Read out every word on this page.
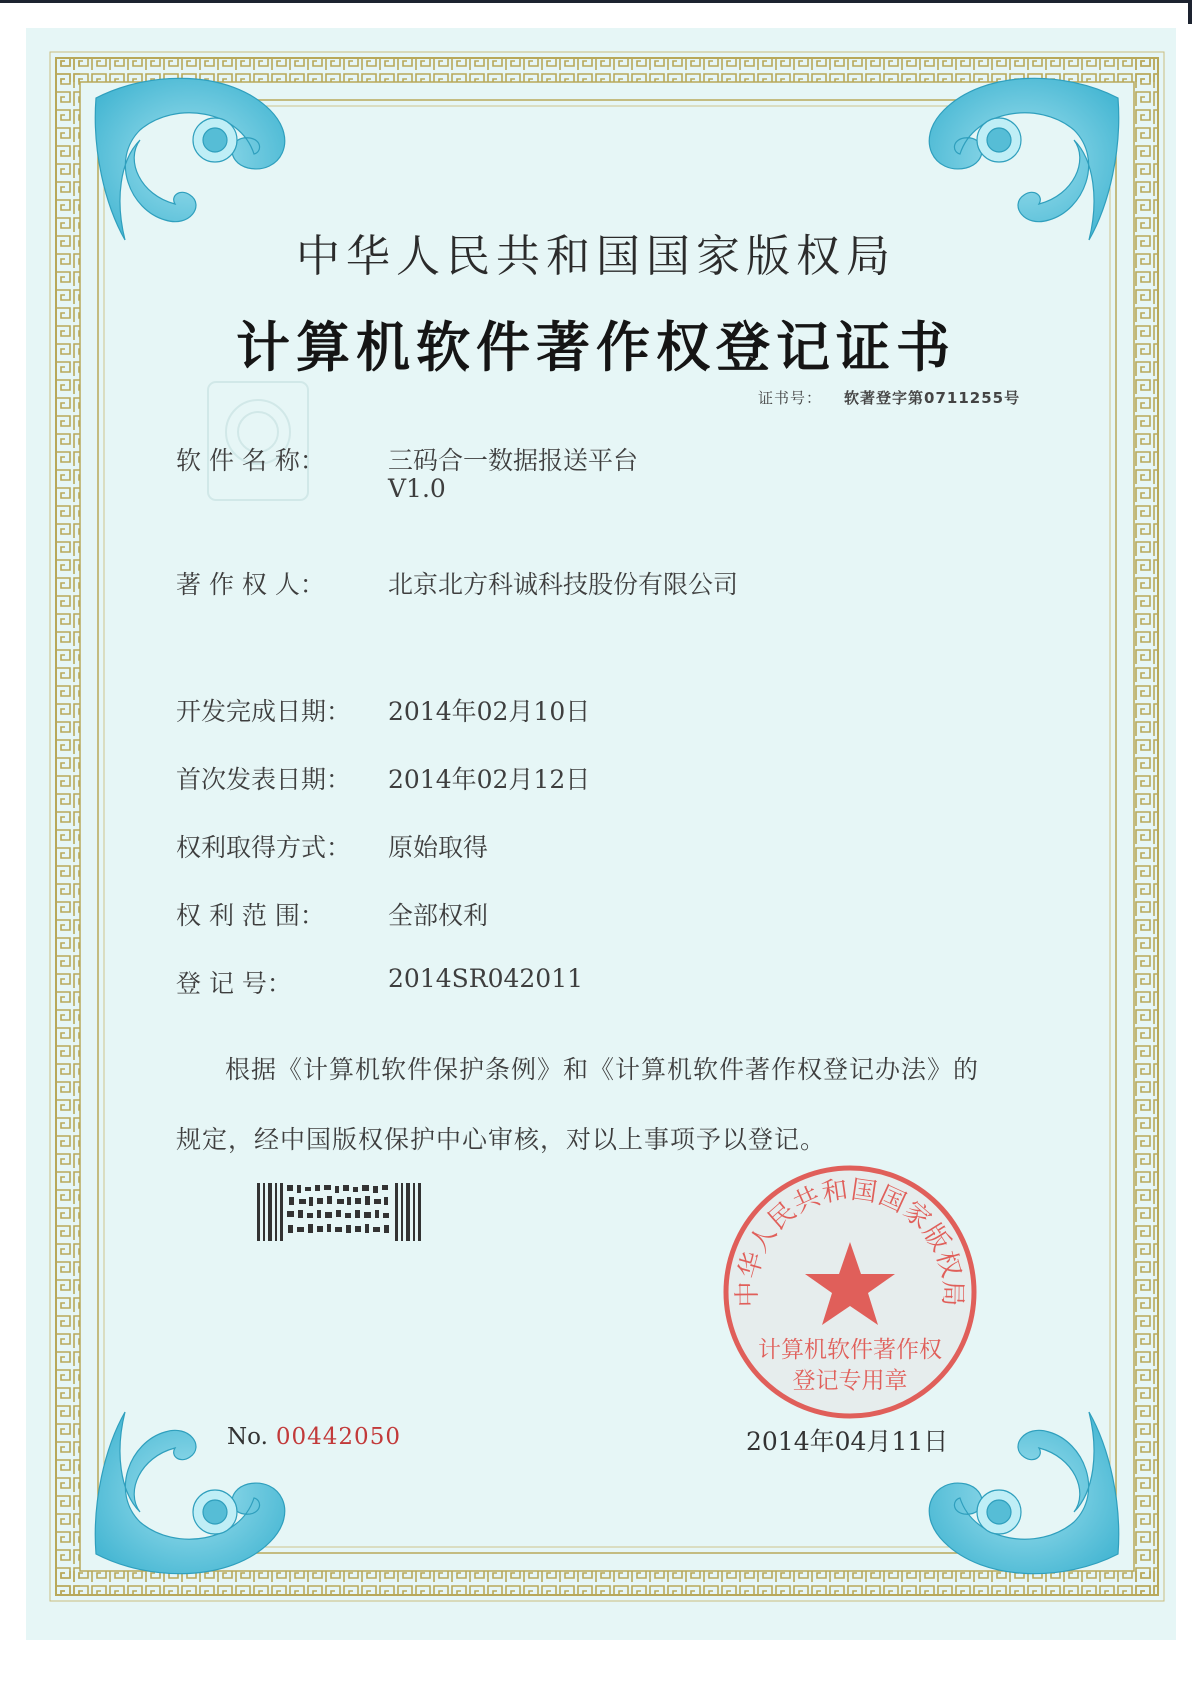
中华人民共和国国家版权局
计算机软件著作权登记证书
证书号： 软著登字第0711255号
软 件 名 称：	三码合一数据报送平台
V1.0
著 作 权 人：	北京北方科诚科技股份有限公司
开发完成日期： 2014年02月10日
首次发表日期： 2014年02月12日
权利取得方式： 原始取得
权 利 范 围：	全部权利
登 记 号：	2014SR042011
根据《计算机软件保护条例》和《计算机软件著作权登记办法》的
规定，经中国版权保护中心审核，对以上事项予以登记。
No. 00442050	2014年04月11日
中华人民共和国国家版权局
计算机软件著作权
登记专用章
